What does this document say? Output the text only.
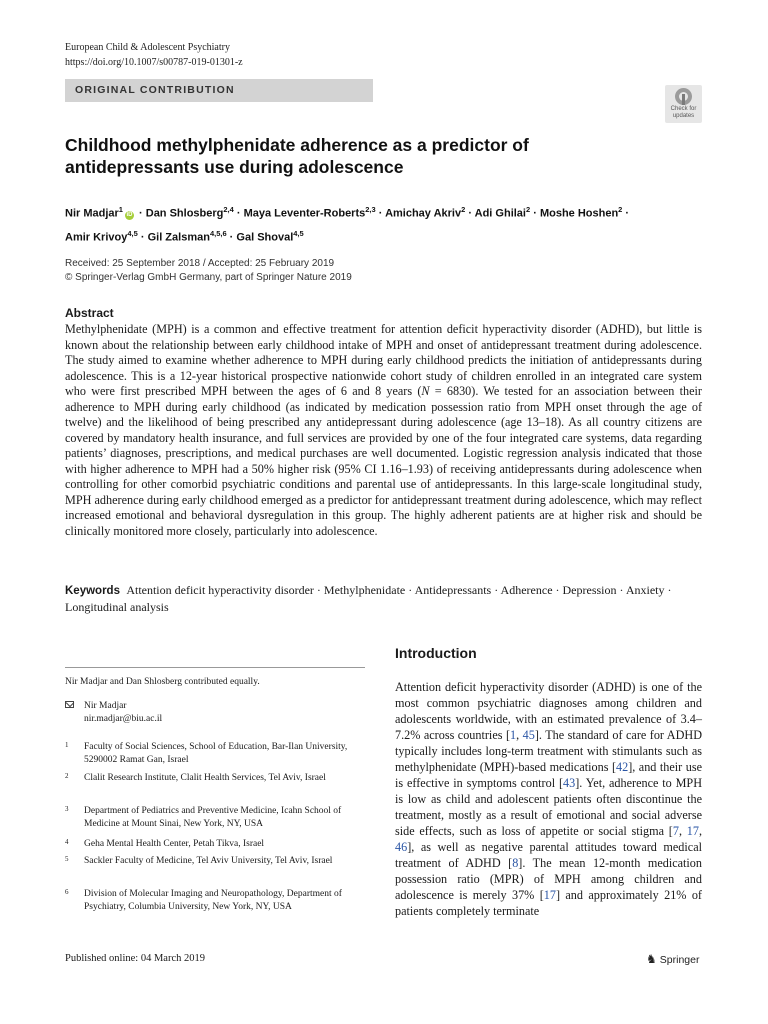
European Child & Adolescent Psychiatry
https://doi.org/10.1007/s00787-019-01301-z
ORIGINAL CONTRIBUTION
Check for
updates
Childhood methylphenidate adherence as a predictor of antidepressants use during adolescence
Nir Madjar$^1$iD · Dan Shlosberg$^{2,4}$ · Maya Leventer-Roberts$^{2,3}$ · Amichay Akriv$^2$ · Adi Ghilai$^2$ · Moshe Hoshen$^2$ ·
Amir Krivoy$^{4,5}$ · Gil Zalsman$^{4,5,6}$ · Gal Shoval$^{4,5}$
Received: 25 September 2018 / Accepted: 25 February 2019
© Springer-Verlag GmbH Germany, part of Springer Nature 2019
Abstract
Methylphenidate (MPH) is a common and effective treatment for attention deficit hyperactivity disorder (ADHD), but little is known about the relationship between early childhood intake of MPH and onset of antidepressant treatment during adolescence. The study aimed to examine whether adherence to MPH during early childhood predicts the initiation of antidepressants during adolescence. This is a 12-year historical prospective nationwide cohort study of children enrolled in an integrated care system who were first prescribed MPH between the ages of 6 and 8 years (N = 6830). We tested for an association between their adherence to MPH during early childhood (as indicated by medication possession ratio from MPH onset through the age of twelve) and the likelihood of being prescribed any antidepressant during adolescence (age 13–18). As all country citizens are covered by mandatory health insurance, and full services are provided by one of the four integrated care systems, data regarding patients’ diagnoses, prescriptions, and medical purchases are well documented. Logistic regression analysis indicated that those with higher adherence to MPH had a 50% higher risk (95% CI 1.16–1.93) of receiving antidepressants during adolescence when controlling for other comorbid psychiatric conditions and parental use of antidepressants. In this large-scale longitudinal study, MPH adherence during early childhood emerged as a predictor for antidepressant treatment during adolescence, which may reflect increased emotional and behavioral dysregulation in this group. The highly adherent patients are at higher risk and should be clinically monitored more closely, particularly into adolescence.
Keywords Attention deficit hyperactivity disorder · Methylphenidate · Antidepressants · Adherence · Depression · Anxiety · Longitudinal analysis
Nir Madjar and Dan Shlosberg contributed equally.
Nir Madjar
nir.madjar@biu.ac.il
1 Faculty of Social Sciences, School of Education, Bar-Ilan University, 5290002 Ramat Gan, Israel
2 Clalit Research Institute, Clalit Health Services, Tel Aviv, Israel
3 Department of Pediatrics and Preventive Medicine, Icahn School of Medicine at Mount Sinai, New York, NY, USA
4 Geha Mental Health Center, Petah Tikva, Israel
5 Sackler Faculty of Medicine, Tel Aviv University, Tel Aviv, Israel
6 Division of Molecular Imaging and Neuropathology, Department of Psychiatry, Columbia University, New York, NY, USA
Introduction
Attention deficit hyperactivity disorder (ADHD) is one of the most common psychiatric diagnoses among children and adolescents worldwide, with an estimated prevalence of 3.4–7.2% across countries [1, 45]. The standard of care for ADHD typically includes long-term treatment with stimulants such as methylphenidate (MPH)-based medications [42], and their use is effective in symptoms control [43]. Yet, adherence to MPH is low as child and adolescent patients often discontinue the treatment, mostly as a result of emotional and social adverse side effects, such as loss of appetite or social stigma [7, 17, 46], as well as negative parental attitudes toward medical treatment of ADHD [8]. The mean 12-month medication possession ratio (MPR) of MPH among children and adolescence is merely 37% [17] and approximately 21% of patients completely terminate
Published online: 04 March 2019	♞ Springer
